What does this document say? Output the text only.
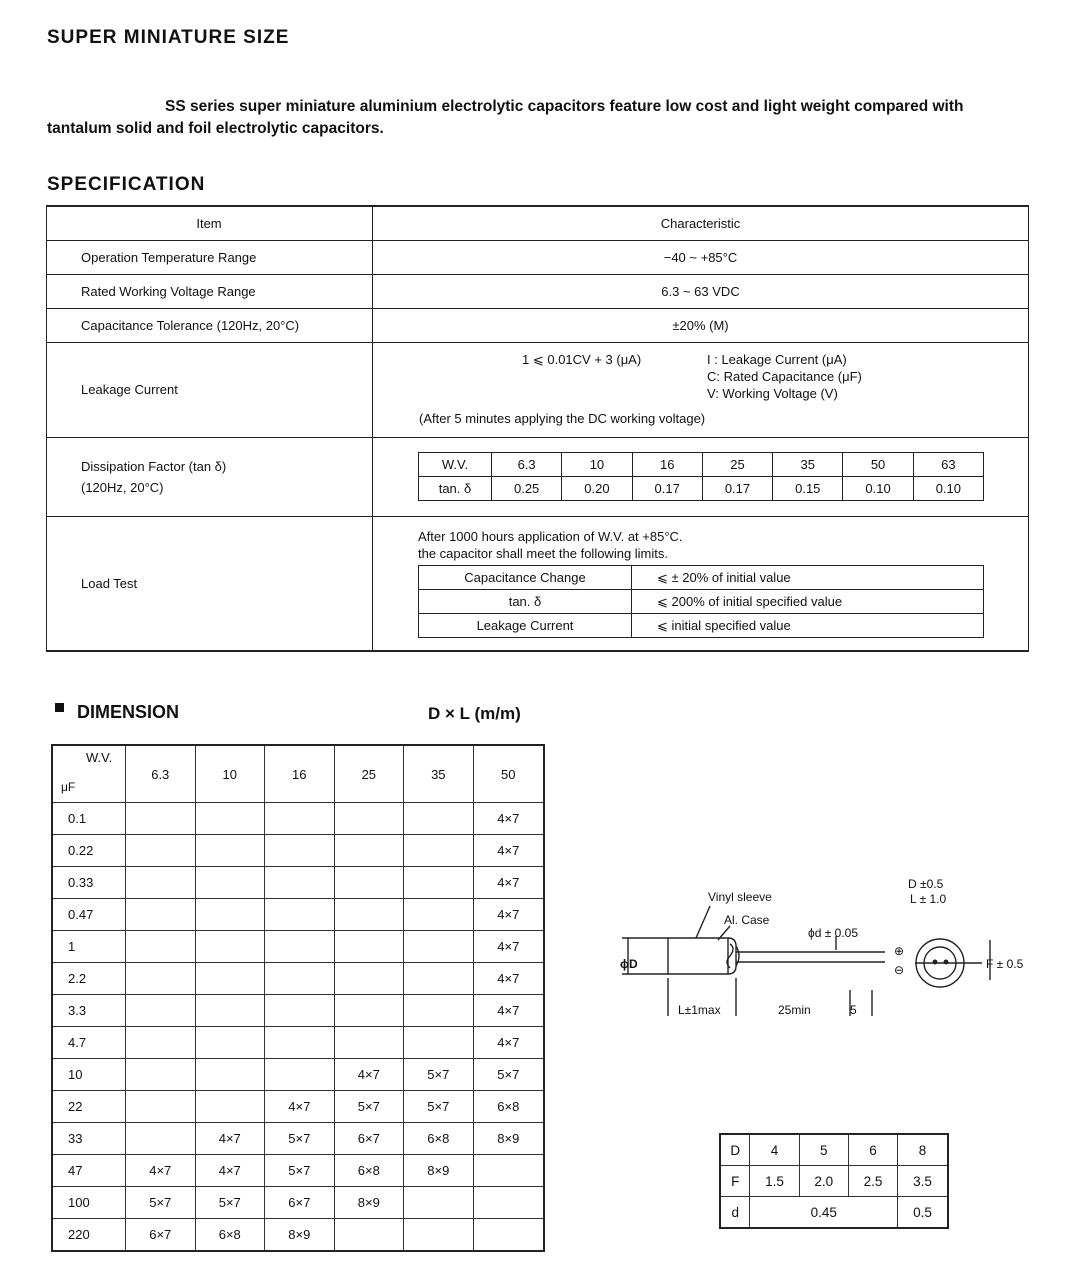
SUPER MINIATURE SIZE
SS series super miniature aluminium electrolytic capacitors feature low cost and light weight compared with
tantalum solid and foil electrolytic capacitors.
SPECIFICATION
Item	Characteristic
Operation Temperature Range	−40 ~ +85°C
Rated Working Voltage Range	6.3 ~ 63 VDC
Capacitance Tolerance (120Hz, 20°C)	±20% (M)
Leakage Current	
1 ⩽ 0.01CV + 3 (μA)	I : Leakage Current (μA)
C: Rated Capacitance (μF)
V: Working Voltage (V)
(After 5 minutes applying the DC working voltage)

Dissipation Factor (tan δ)
(120Hz, 20°C)

W.V.	6.3	10	16	25	35	50	63
tan. δ	0.25	0.20	0.17	0.17	0.15	0.10	0.10

Load Test	
After 1000 hours application of W.V. at +85°C.
the capacitor shall meet the following limits.
Capacitance Change	⩽ ± 20% of initial value
tan. δ	⩽ 200% of initial specified value
Leakage Current	⩽ initial specified value
DIMENSION	D × L (m/m)
W.V.
μF	6.3	10	16	25	35	50
0.1						4×7
0.22						4×7
0.33						4×7
0.47						4×7
1						4×7
2.2						4×7
3.3						4×7
4.7						4×7
10				4×7	5×7	5×7
22			4×7	5×7	5×7	6×8
33		4×7	5×7	6×7	6×8	8×9
47	4×7	4×7	5×7	6×8	8×9	
100	5×7	5×7	6×7	8×9		
220	6×7	6×8	8×9			
Vinyl sleeve
Al. Case
ϕd ± 0.05
ϕD
L±1max	25min	5
D ±0.5
L ± 1.0
F ± 0.5
⊕
⊖
D	4	5	6	8
F	1.5	2.0	2.5	3.5
d	0.45			0.5
